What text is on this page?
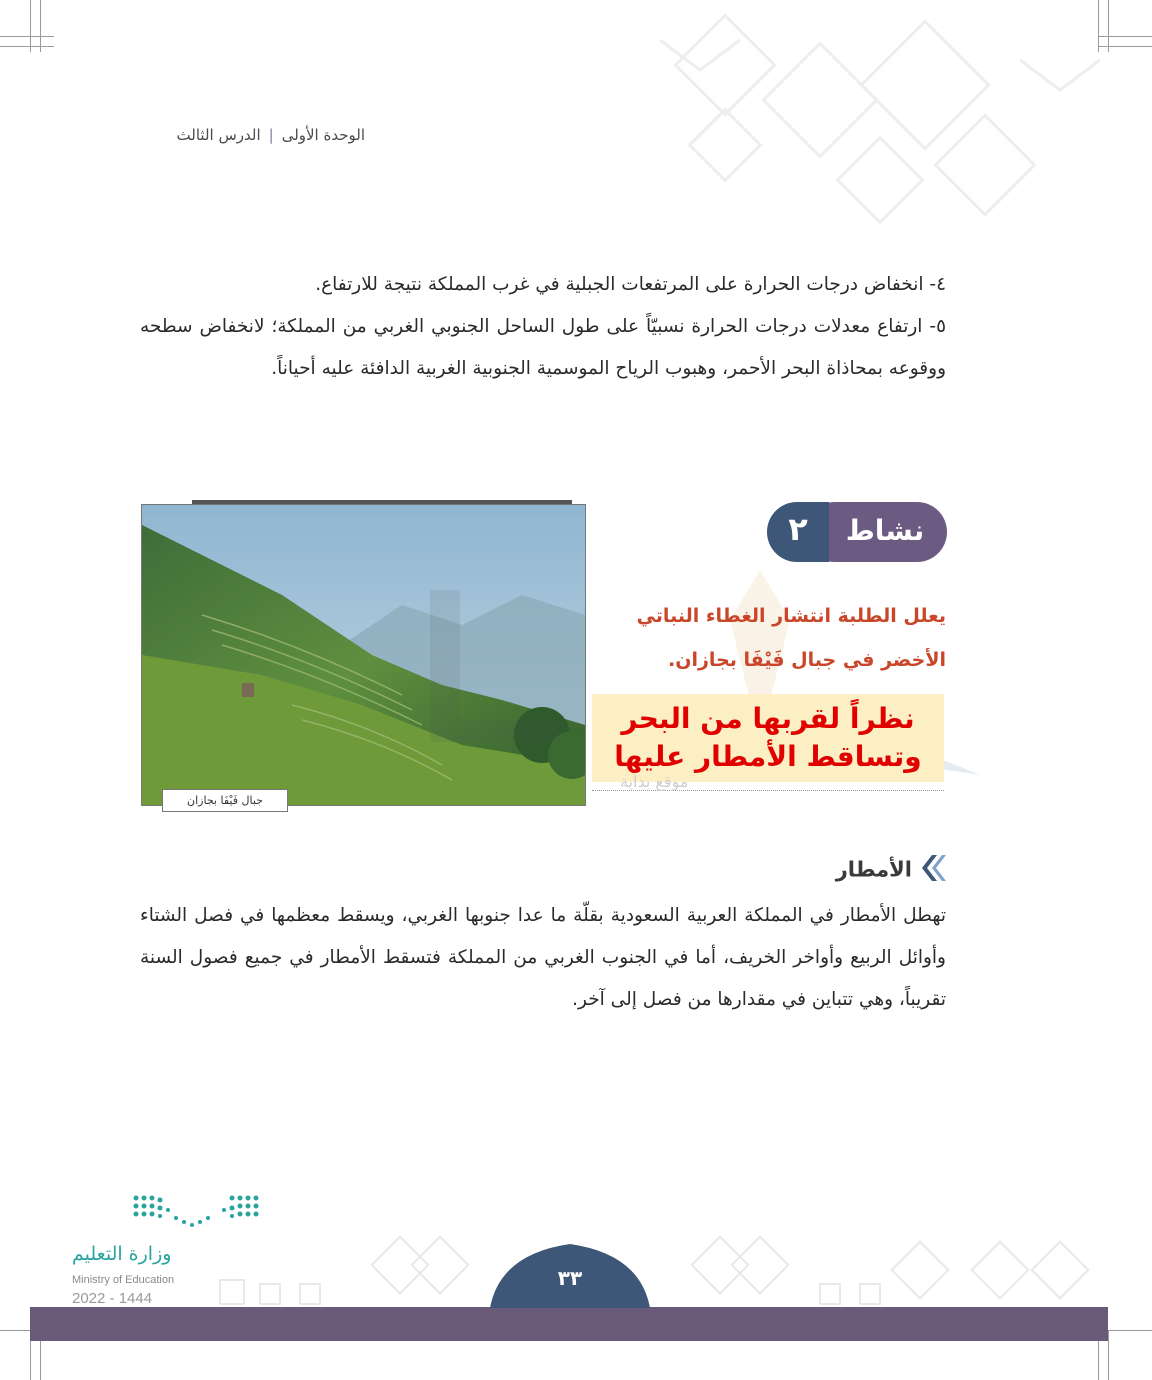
الوحدة الأولى|الدرس الثالث
٤- انخفاض درجات الحرارة على المرتفعات الجبلية في غرب المملكة نتيجة للارتفاع.
٥- ارتفاع معدلات درجات الحرارة نسبيّاً على طول الساحل الجنوبي الغربي من المملكة؛ لانخفاض سطحه ووقوعه بمحاذاة البحر الأحمر، وهبوب الرياح الموسمية الجنوبية الغربية الدافئة عليه أحياناً.
جبال فَيْفَا بجازان
نشاط
٢
يعلل الطلبة انتشار الغطاء النباتي
الأخضر في جبال فَيْفَا بجازان.
نظراً لقربها من البحر وتساقط الأمطار عليها
موقع بداية
الأمطار
تهطل الأمطار في المملكة العربية السعودية بقلّة ما عدا جنوبها الغربي، ويسقط معظمها في فصل الشتاء وأوائل الربيع وأواخر الخريف، أما في الجنوب الغربي من المملكة فتسقط الأمطار في جميع فصول السنة تقريباً، وهي تتباين في مقدارها من فصل إلى آخر.
٣٣
وزارة التعليم
Ministry of Education
2022 - 1444
